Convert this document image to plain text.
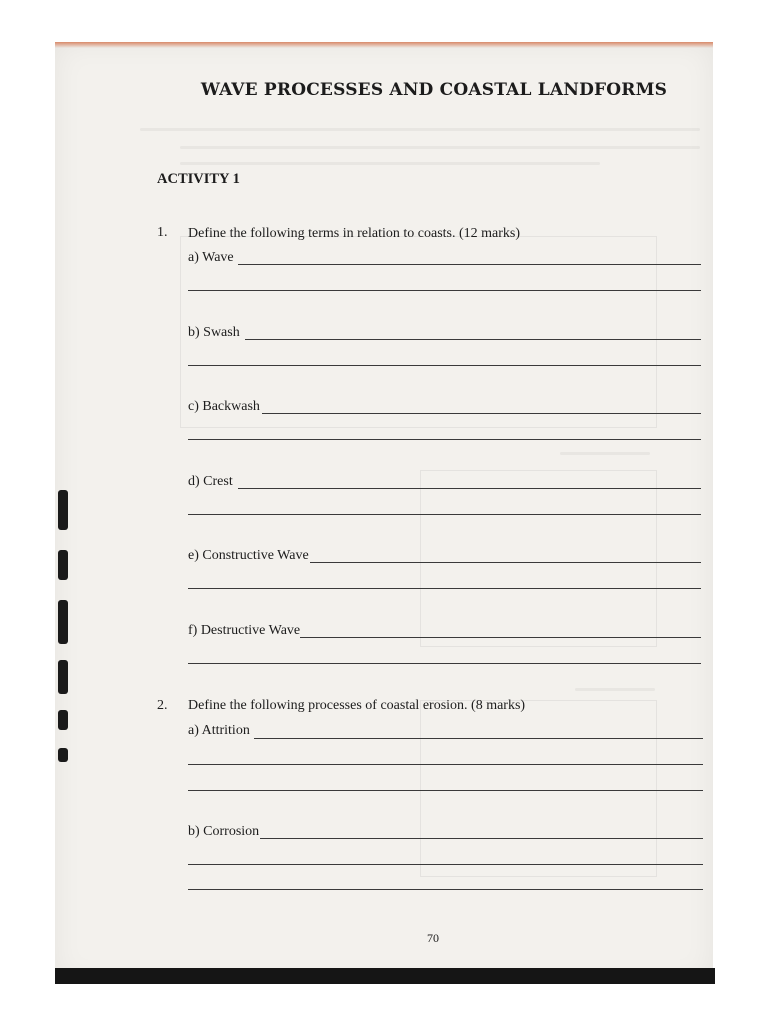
WAVE PROCESSES AND COASTAL LANDFORMS
ACTIVITY 1
1. Define the following terms in relation to coasts. (12 marks)
a) Wave
b) Swash
c) Backwash
d) Crest
e) Constructive Wave
f) Destructive Wave
2. Define the following processes of coastal erosion. (8 marks)
a) Attrition
b) Corrosion
70
